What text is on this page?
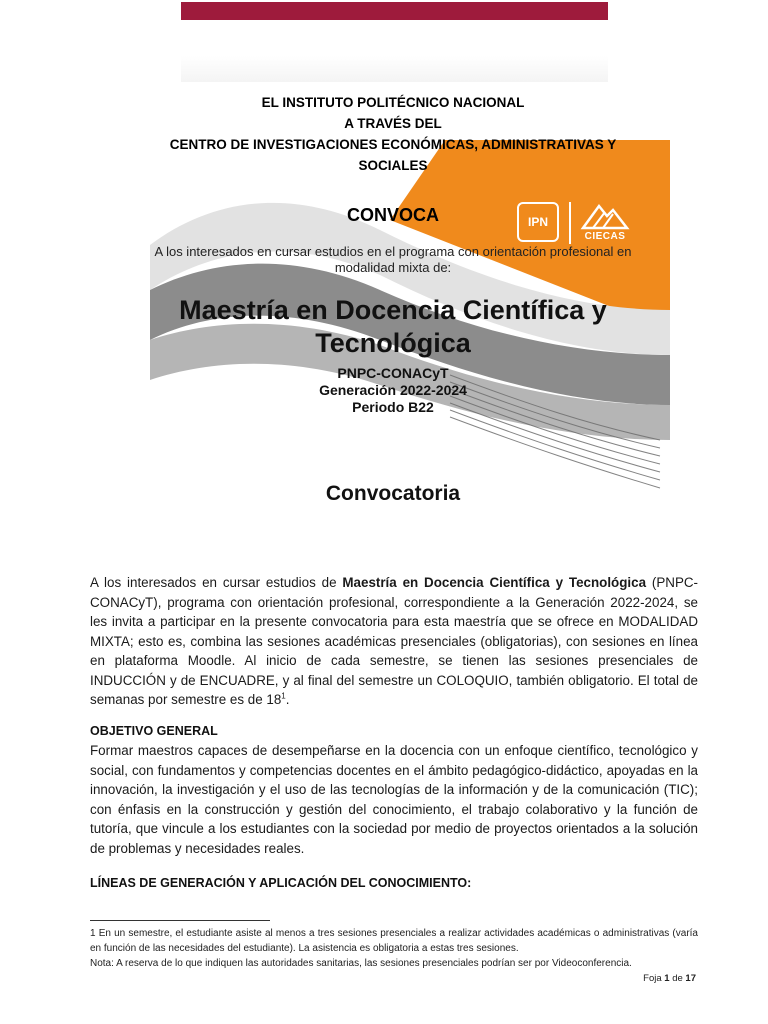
EL INSTITUTO POLITÉCNICO NACIONAL
A TRAVÉS DEL
CENTRO DE INVESTIGACIONES ECONÓMICAS, ADMINISTRATIVAS Y SOCIALES
CONVOCA	IPN
CIECAS
A los interesados en cursar estudios en el programa con orientación profesional en modalidad mixta de:
Maestría en Docencia Científica y Tecnológica
PNPC-CONACyT
Generación 2022-2024
Periodo B22
Convocatoria
A los interesados en cursar estudios de Maestría en Docencia Científica y Tecnológica (PNPC-CONACyT), programa con orientación profesional, correspondiente a la Generación 2022-2024, se les invita a participar en la presente convocatoria para esta maestría que se ofrece en MODALIDAD MIXTA; esto es, combina las sesiones académicas presenciales (obligatorias), con sesiones en línea en plataforma Moodle. Al inicio de cada semestre, se tienen las sesiones presenciales de INDUCCIÓN y de ENCUADRE, y al final del semestre un COLOQUIO, también obligatorio. El total de semanas por semestre es de $18^1$.
OBJETIVO GENERAL
Formar maestros capaces de desempeñarse en la docencia con un enfoque científico, tecnológico y social, con fundamentos y competencias docentes en el ámbito pedagógico-didáctico, apoyadas en la innovación, la investigación y el uso de las tecnologías de la información y de la comunicación (TIC); con énfasis en la construcción y gestión del conocimiento, el trabajo colaborativo y la función de tutoría, que vincule a los estudiantes con la sociedad por medio de proyectos orientados a la solución de problemas y necesidades reales.
LÍNEAS DE GENERACIÓN Y APLICACIÓN DEL CONOCIMIENTO:
1 En un semestre, el estudiante asiste al menos a tres sesiones presenciales a realizar actividades académicas o administrativas (varía en función de las necesidades del estudiante). La asistencia es obligatoria a estas tres sesiones.
Nota: A reserva de lo que indiquen las autoridades sanitarias, las sesiones presenciales podrían ser por Videoconferencia.
Foja 1 de 17
